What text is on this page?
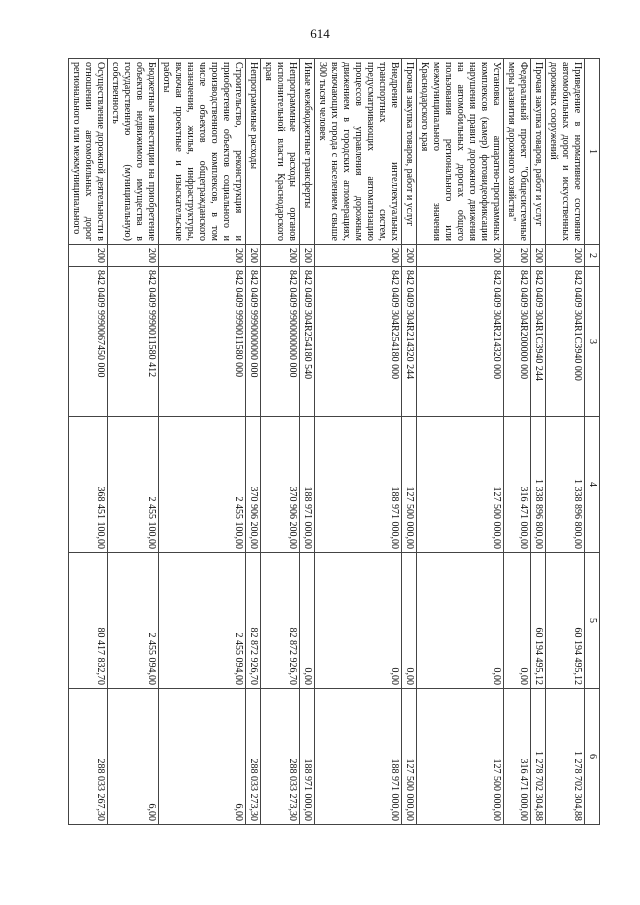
614
1	2	3	4	5	6
Приведение в нормативное состояние автомобильных дорог и искусственных дорожных сооружений	200	842 0409 304R1C3940 000	1 338 896 800,00	60 194 495,12	1 278 702 304,88
Прочая закупка товаров, работ и услуг	200	842 0409 304R1C3940 244	1 338 896 800,00	60 194 495,12	1 278 702 304,88
Федеральный проект "Общесистемные меры развития дорожного хозяйства"	200	842 0409 304R200000 000	316 471 000,00	0,00	316 471 000,00
Установка аппаратно-программных комплексов (камер) фотовидеофиксации нарушения правил дорожного движения на автомобильных дорогах общего пользования регионального или межмуниципального значения Краснодарского края	200	842 0409 304R214320 000	127 500 000,00	0,00	127 500 000,00
Прочая закупка товаров, работ и услуг	200	842 0409 304R214320 244	127 500 000,00	0,00	127 500 000,00
Внедрение интеллектуальных транспортных систем, предусматривающих автоматизацию процессов управления дорожным движением в городских агломерациях, включающих города с населением свыше 300 тысяч человек	200	842 0409 304R254180 000	188 971 000,00	0,00	188 971 000,00
Иные межбюджетные трансферты	200	842 0409 304R254180 540	188 971 000,00	0,00	188 971 000,00
Непрограммные расходы органов исполнительной власти Краснодарского края	200	842 0409 9900000000 000	370 906 200,00	82 872 926,70	288 033 273,30
Непрограммные расходы	200	842 0409 9990000000 000	370 906 200,00	82 872 926,70	288 033 273,30
Строительство, реконструкция и приобретение объектов социального и производственного комплексов, в том числе объектов общегражданского назначения, жилья, инфраструктуры, включая проектные и изыскательские работы	200	842 0409 9990011580 000	2 455 100,00	2 455 094,00	6,00
Бюджетные инвестиции на приобретение объектов недвижимого имущества в государственную (муниципальную) собственность	200	842 0409 9990011580 412	2 455 100,00	2 455 094,00	6,00
Осуществление дорожной деятельности в отношении автомобильных дорог регионального или межмуниципального	200	842 0409 9990067450 000	368 451 100,00	80 417 832,70	288 033 267,30
